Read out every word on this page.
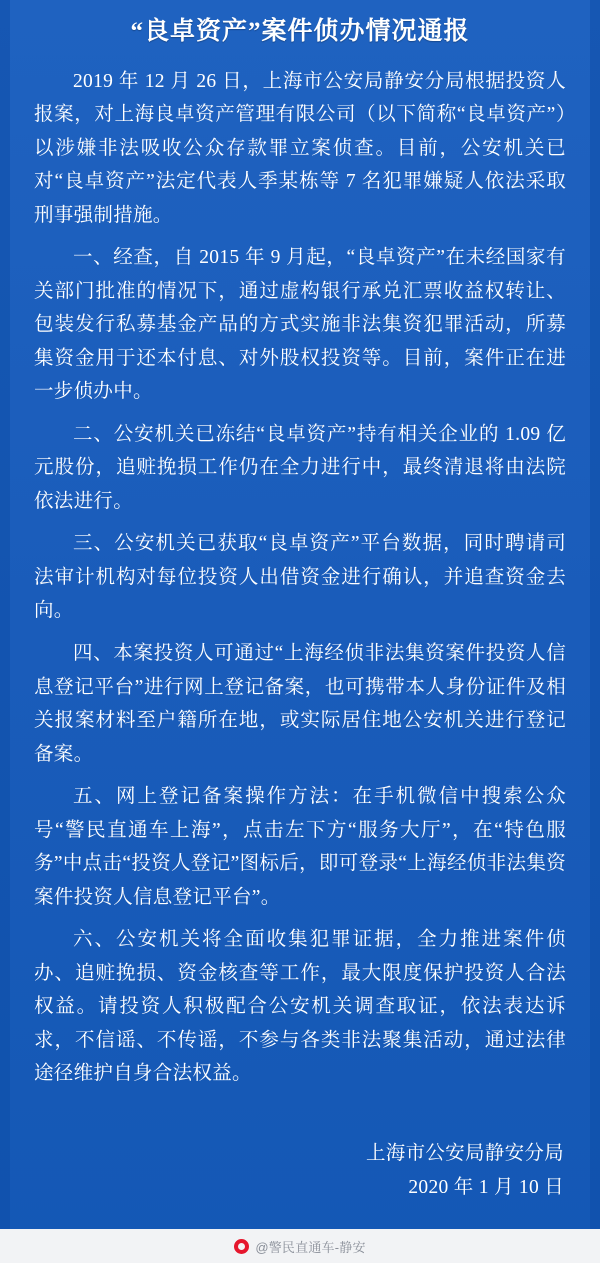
“良卓资产”案件侦办情况通报

2019 年 12 月 26 日，上海市公安局静安分局根据投资人报案，对上海良卓资产管理有限公司（以下简称“良卓资产”）以涉嫌非法吸收公众存款罪立案侦查。目前，公安机关已对“良卓资产”法定代表人季某栋等 7 名犯罪嫌疑人依法采取刑事强制措施。

一、经查，自 2015 年 9 月起，“良卓资产”在未经国家有关部门批准的情况下，通过虚构银行承兑汇票收益权转让、包装发行私募基金产品的方式实施非法集资犯罪活动，所募集资金用于还本付息、对外股权投资等。目前，案件正在进一步侦办中。

二、公安机关已冻结“良卓资产”持有相关企业的 1.09 亿元股份，追赃挽损工作仍在全力进行中，最终清退将由法院依法进行。

三、公安机关已获取“良卓资产”平台数据，同时聘请司法审计机构对每位投资人出借资金进行确认，并追查资金去向。

四、本案投资人可通过“上海经侦非法集资案件投资人信息登记平台”进行网上登记备案，也可携带本人身份证件及相关报案材料至户籍所在地，或实际居住地公安机关进行登记备案。

五、网上登记备案操作方法：在手机微信中搜索公众号“警民直通车上海”，点击左下方“服务大厅”，在“特色服务”中点击“投资人登记”图标后，即可登录“上海经侦非法集资案件投资人信息登记平台”。

六、公安机关将全面收集犯罪证据，全力推进案件侦办、追赃挽损、资金核查等工作，最大限度保护投资人合法权益。请投资人积极配合公安机关调查取证，依法表达诉求，不信谣、不传谣，不参与各类非法聚集活动，通过法律途径维护自身合法权益。

上海市公安局静安分局
2020 年 1 月 10 日
@警民直通车-静安
